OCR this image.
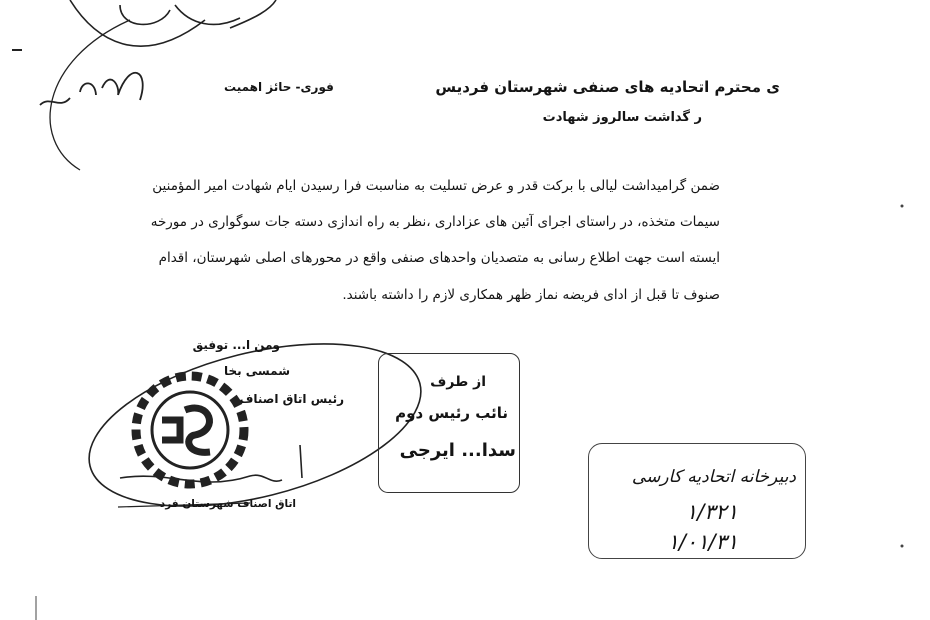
فوری- حائز اهمیت	ی محترم اتحادیه های صنفی شهرستان فردیس
ر گداشت سالروز شهادت
ضمن گرامیداشت لیالی با برکت قدر و عرض تسلیت به مناسبت فرا رسیدن ایام شهادت امیر المؤمنین
سیمات متخذه، در راستای اجرای آئین های عزاداری ،نظر به راه اندازی دسته جات سوگواری در مورخه
ایسته است جهت اطلاع رسانی به متصدیان واحدهای صنفی واقع در محورهای اصلی شهرستان، اقدام
صنوف تا قبل از ادای فریضه نماز ظهر همکاری لازم را داشته باشند.
ومن ا... توفیق
شمسی بخا
رئیس اتاق اصناف
اتاق اصناف شهرستان فرد
از طرف
نائب رئیس دوم
سدا... ایرجی
دبیرخانه اتحادیه کارسی
۱/۳۲۱
۱/۰۱/۳۱
